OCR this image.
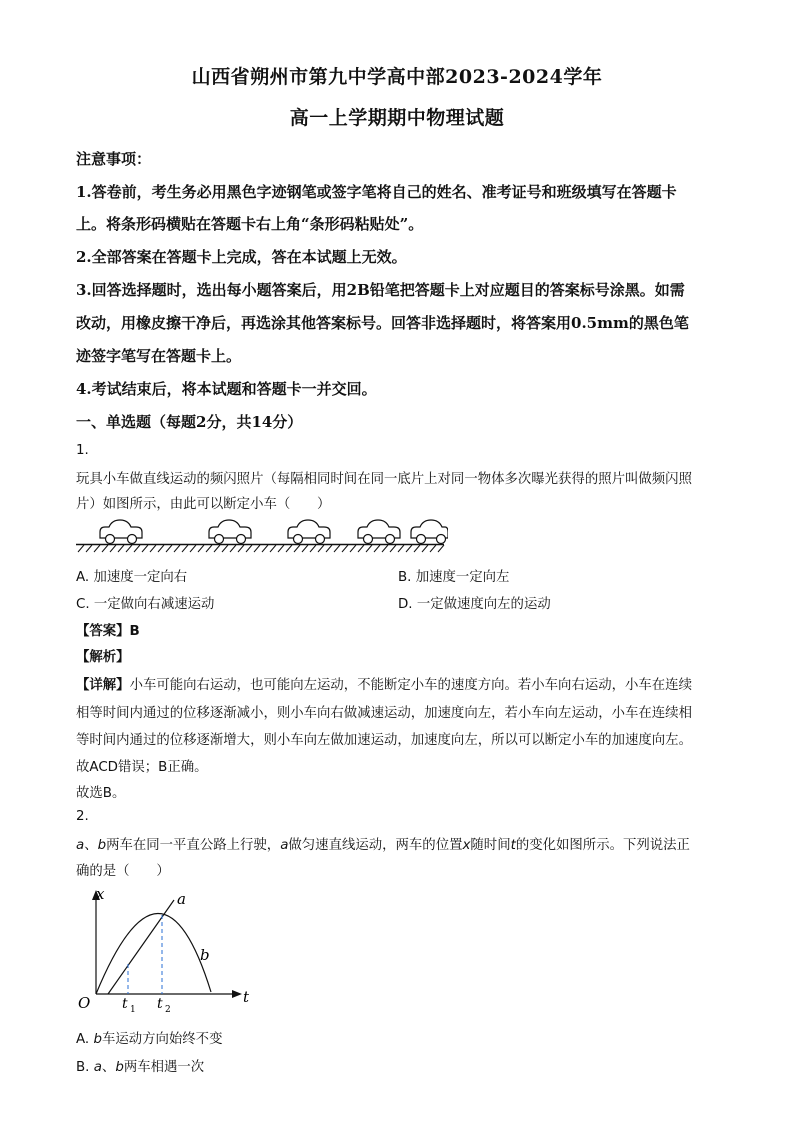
山西省朔州市第九中学高中部2023-2024学年
高一上学期期中物理试题
注意事项：
1.答卷前，考生务必用黑色字迹钢笔或签字笔将自己的姓名、准考证号和班级填写在答题卡
上。将条形码横贴在答题卡右上角“条形码粘贴处”。
2.全部答案在答题卡上完成，答在本试题上无效。
3.回答选择题时，选出每小题答案后，用2B铅笔把答题卡上对应题目的答案标号涂黑。如需
改动，用橡皮擦干净后，再选涂其他答案标号。回答非选择题时，将答案用0.5mm的黑色笔
迹签字笔写在答题卡上。
4.考试结束后，将本试题和答题卡一并交回。
一、单选题（每题2分，共14分）
1.
玩具小车做直线运动的频闪照片（每隔相同时间在同一底片上对同一物体多次曝光获得的照片叫做频闪照
片）如图所示，由此可以断定小车（　　）
A. 加速度一定向右	B. 加速度一定向左
C. 一定做向右减速运动	D. 一定做速度向左的运动
【答案】B
【解析】
【详解】小车可能向右运动，也可能向左运动，不能断定小车的速度方向。若小车向右运动，小车在连续
相等时间内通过的位移逐渐减小，则小车向右做减速运动，加速度向左，若小车向左运动，小车在连续相
等时间内通过的位移逐渐增大，则小车向左做加速运动，加速度向左，所以可以断定小车的加速度向左。
故ACD错误；B正确。
故选B。
2.
a、b两车在同一平直公路上行驶，a做匀速直线运动，两车的位置x随时间t的变化如图所示。下列说法正
确的是（　　）
x
t
O
a
b
t 1 t 2
A. b车运动方向始终不变
B. a、b两车相遇一次
